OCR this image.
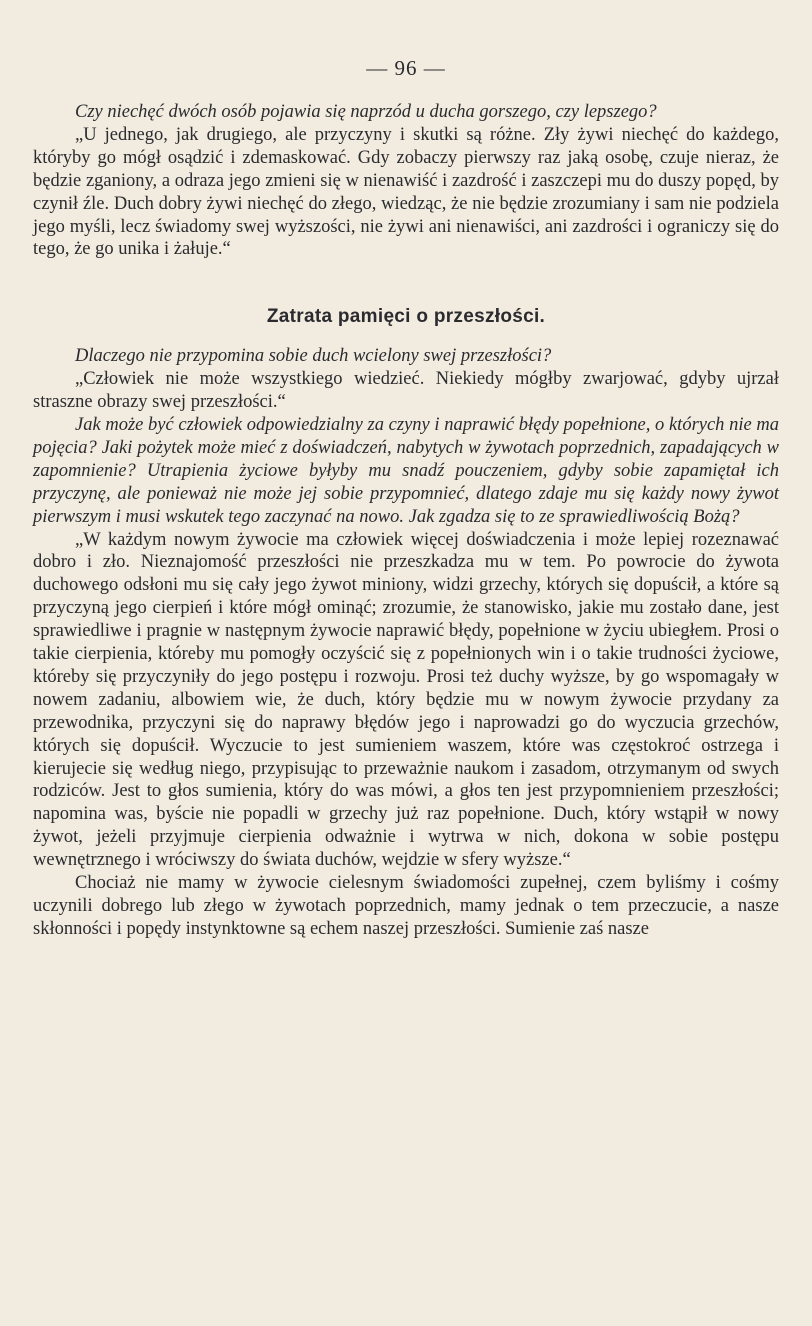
— 96 —

Czy niechęć dwóch osób pojawia się naprzód u ducha gorszego, czy lepszego?

„U jednego, jak drugiego, ale przyczyny i skutki są różne. Zły żywi niechęć do każdego, któryby go mógł osądzić i zdemaskować. Gdy zobaczy pierwszy raz jaką osobę, czuje nieraz, że będzie zganiony, a odraza jego zmieni się w nienawiść i zazdrość i zaszczepi mu do duszy popęd, by czynił źle. Duch dobry żywi niechęć do złego, wiedząc, że nie będzie zrozumiany i sam nie podziela jego myśli, lecz świadomy swej wyższości, nie żywi ani nienawiści, ani zazdrości i ograniczy się do tego, że go unika i żałuje.“

Zatrata pamięci o przeszłości.

Dlaczego nie przypomina sobie duch wcielony swej przeszłości?

„Człowiek nie może wszystkiego wiedzieć. Niekiedy mógłby zwarjować, gdyby ujrzał straszne obrazy swej przeszłości.“

Jak może być człowiek odpowiedzialny za czyny i naprawić błędy popełnione, o których nie ma pojęcia? Jaki pożytek może mieć z doświadczeń, nabytych w żywotach poprzednich, zapadających w zapomnienie? Utrapienia życiowe byłyby mu snadź pouczeniem, gdyby sobie zapamiętał ich przyczynę, ale ponieważ nie może jej sobie przypomnieć, dlatego zdaje mu się każdy nowy żywot pierwszym i musi wskutek tego zaczynać na nowo. Jak zgadza się to ze sprawiedliwością Bożą?

„W każdym nowym żywocie ma człowiek więcej doświadczenia i może lepiej rozeznawać dobro i zło. Nieznajomość przeszłości nie przeszkadza mu w tem. Po powrocie do żywota duchowego odsłoni mu się cały jego żywot miniony, widzi grzechy, których się dopuścił, a które są przyczyną jego cierpień i które mógł ominąć; zrozumie, że stanowisko, jakie mu zostało dane, jest sprawiedliwe i pragnie w następnym żywocie naprawić błędy, popełnione w życiu ubiegłem. Prosi o takie cierpienia, któreby mu pomogły oczyścić się z popełnionych win i o takie trudności życiowe, któreby się przyczyniły do jego postępu i rozwoju. Prosi też duchy wyższe, by go wspomagały w nowem zadaniu, albowiem wie, że duch, który będzie mu w nowym żywocie przydany za przewodnika, przyczyni się do naprawy błędów jego i naprowadzi go do wyczucia grzechów, których się dopuścił. Wyczucie to jest sumieniem waszem, które was częstokroć ostrzega i kierujecie się według niego, przypisując to przeważnie naukom i zasadom, otrzymanym od swych rodziców. Jest to głos sumienia, który do was mówi, a głos ten jest przypomnieniem przeszłości; napomina was, byście nie popadli w grzechy już raz popełnione. Duch, który wstąpił w nowy żywot, jeżeli przyjmuje cierpienia odważnie i wytrwa w nich, dokona w sobie postępu wewnętrznego i wróciwszy do świata duchów, wejdzie w sfery wyższe.“

Chociaż nie mamy w żywocie cielesnym świadomości zupełnej, czem byliśmy i cośmy uczynili dobrego lub złego w żywotach poprzednich, mamy jednak o tem przeczucie, a nasze skłonności i popędy instynktowne są echem naszej przeszłości. Sumienie zaś nasze
